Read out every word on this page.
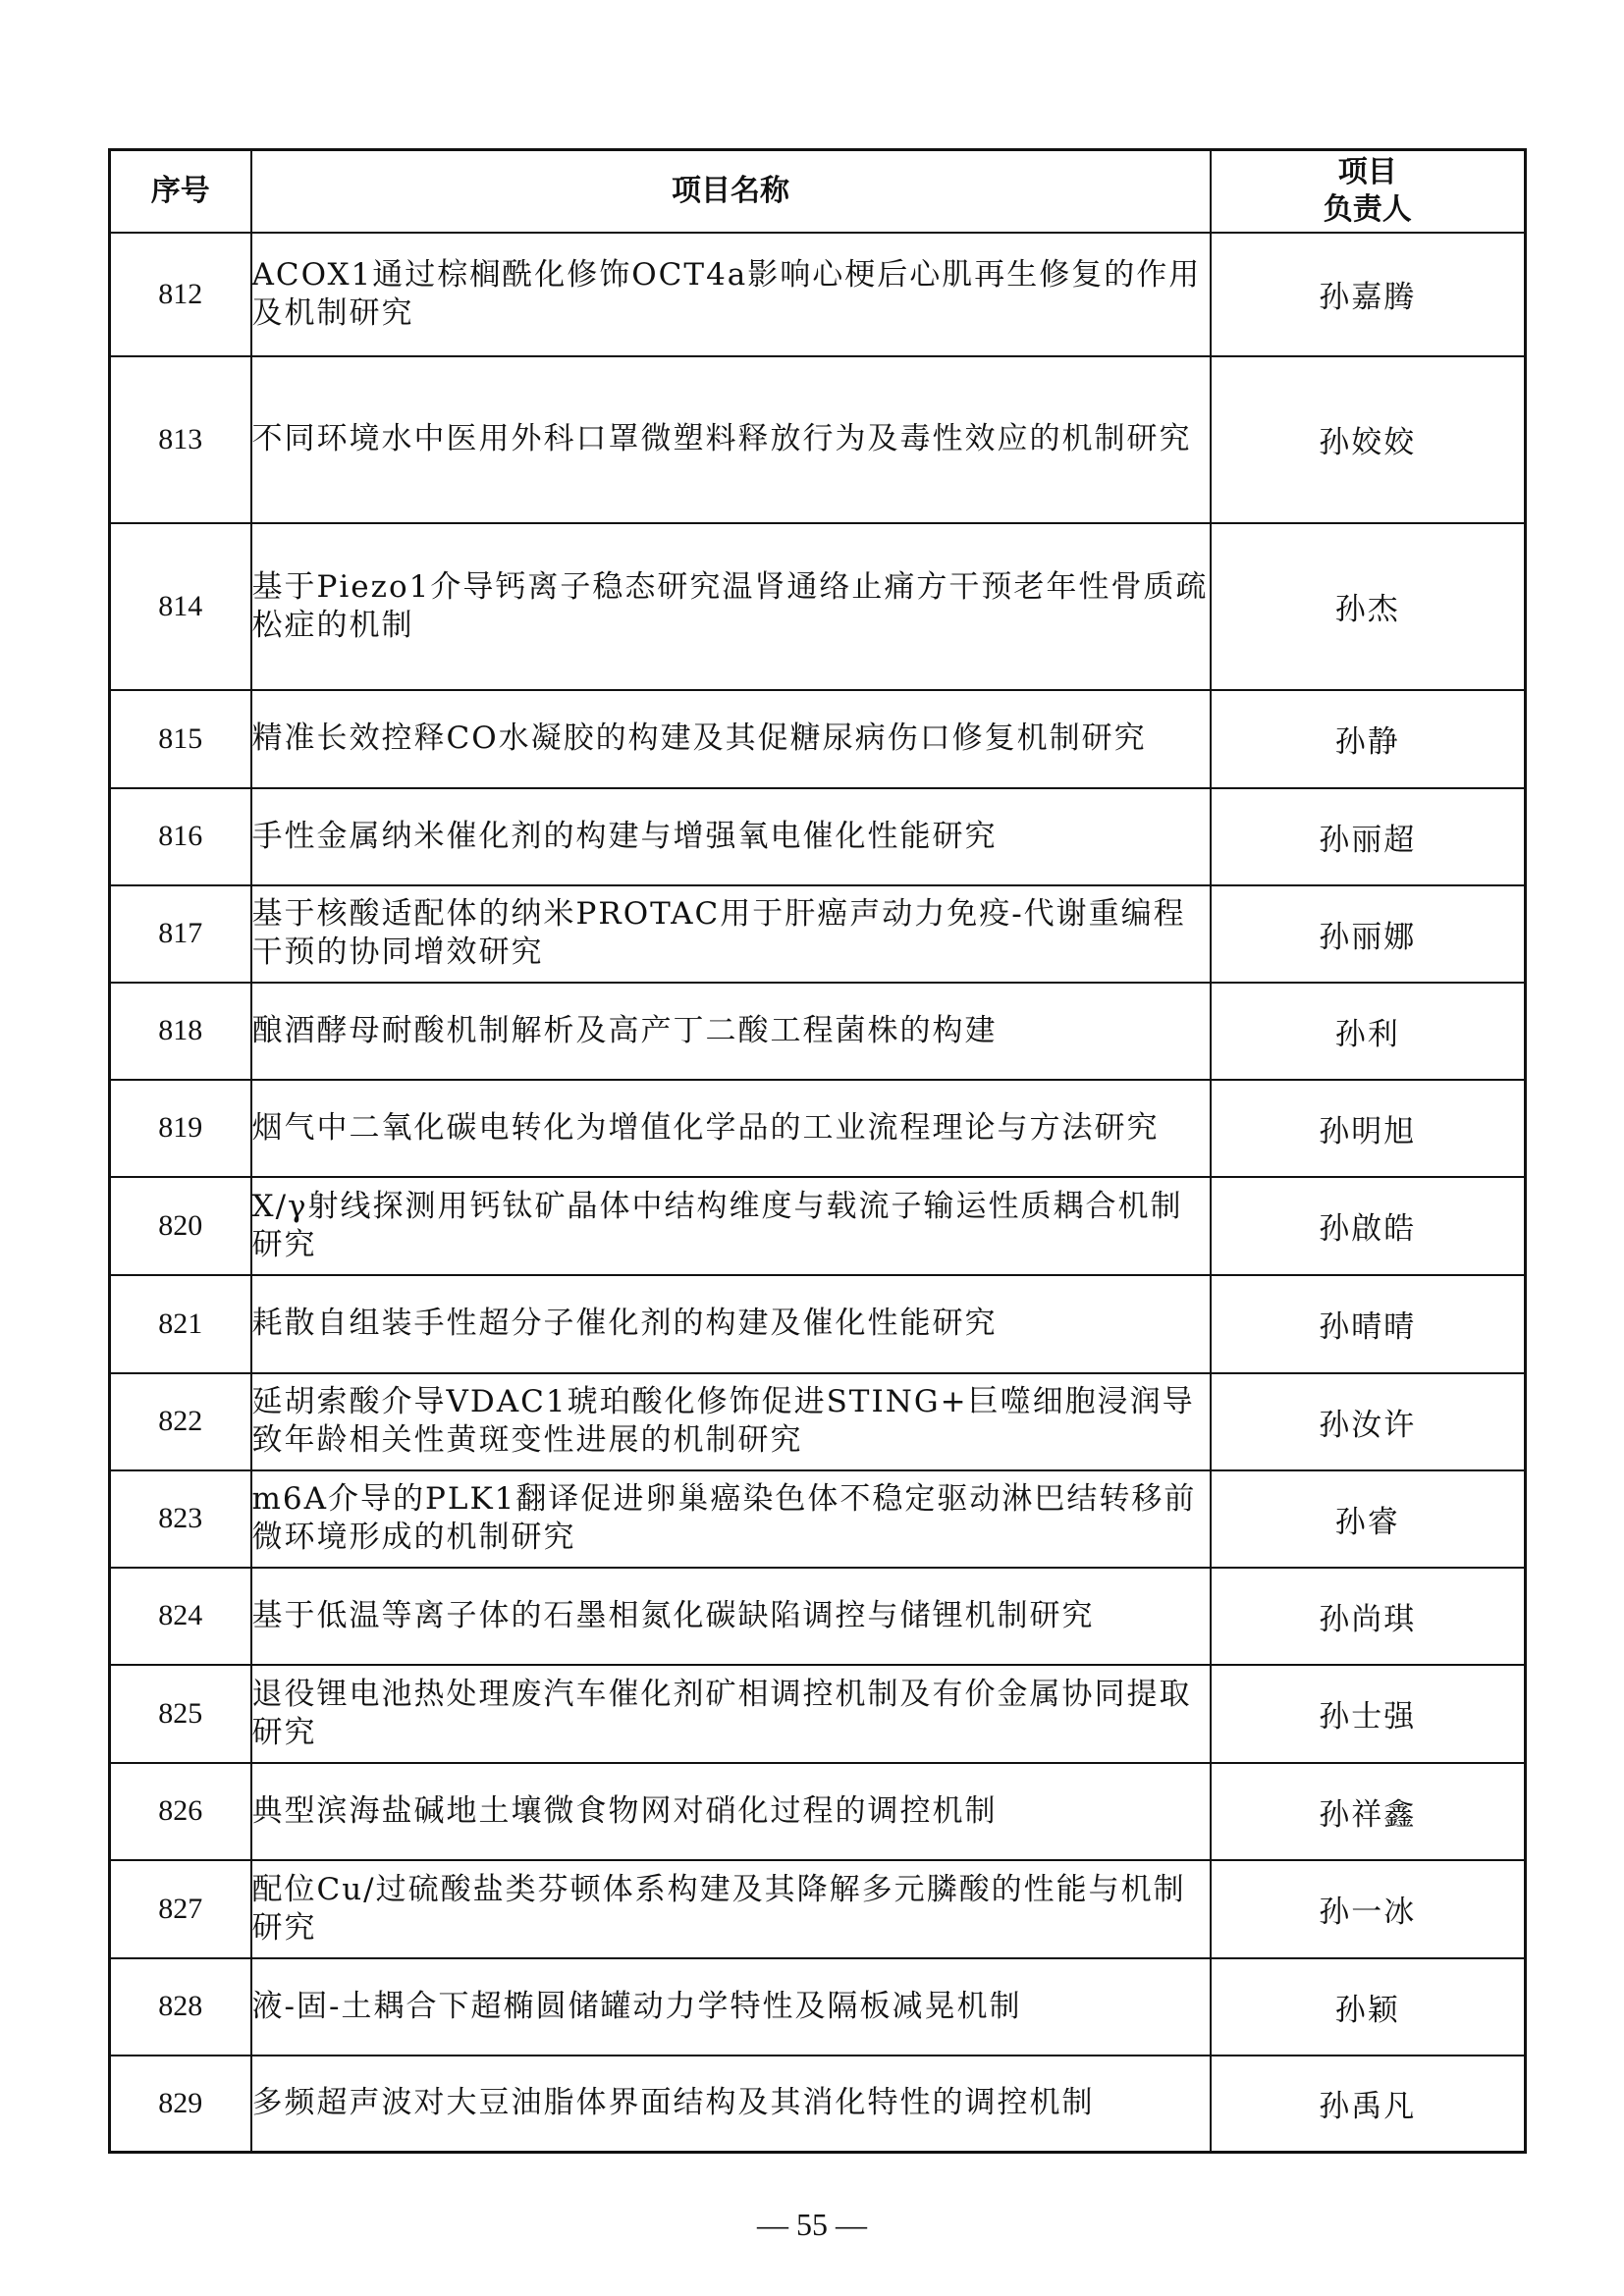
序号	项目名称	项目
负责人

812	ACOX1通过棕榈酰化修饰OCT4a影响心梗后心肌再生修复的作用及机制研究	孙嘉腾
813	不同环境水中医用外科口罩微塑料释放行为及毒性效应的机制研究	孙姣姣
814	基于Piezo1介导钙离子稳态研究温肾通络止痛方干预老年性骨质疏松症的机制	孙杰
815	精准长效控释CO水凝胶的构建及其促糖尿病伤口修复机制研究	孙静
816	手性金属纳米催化剂的构建与增强氧电催化性能研究	孙丽超
817	基于核酸适配体的纳米PROTAC用于肝癌声动力免疫-代谢重编程干预的协同增效研究	孙丽娜
818	酿酒酵母耐酸机制解析及高产丁二酸工程菌株的构建	孙利
819	烟气中二氧化碳电转化为增值化学品的工业流程理论与方法研究	孙明旭
820	X/γ射线探测用钙钛矿晶体中结构维度与载流子输运性质耦合机制研究	孙啟皓
821	耗散自组装手性超分子催化剂的构建及催化性能研究	孙晴晴
822	延胡索酸介导VDAC1琥珀酸化修饰促进STING+巨噬细胞浸润导致年龄相关性黄斑变性进展的机制研究	孙汝许
823	m6A介导的PLK1翻译促进卵巢癌染色体不稳定驱动淋巴结转移前微环境形成的机制研究	孙睿
824	基于低温等离子体的石墨相氮化碳缺陷调控与储锂机制研究	孙尚琪
825	退役锂电池热处理废汽车催化剂矿相调控机制及有价金属协同提取研究	孙士强
826	典型滨海盐碱地土壤微食物网对硝化过程的调控机制	孙祥鑫
827	配位Cu/过硫酸盐类芬顿体系构建及其降解多元膦酸的性能与机制研究	孙一冰
828	液-固-土耦合下超椭圆储罐动力学特性及隔板减晃机制	孙颖
829	多频超声波对大豆油脂体界面结构及其消化特性的调控机制	孙禹凡
— 55 —
